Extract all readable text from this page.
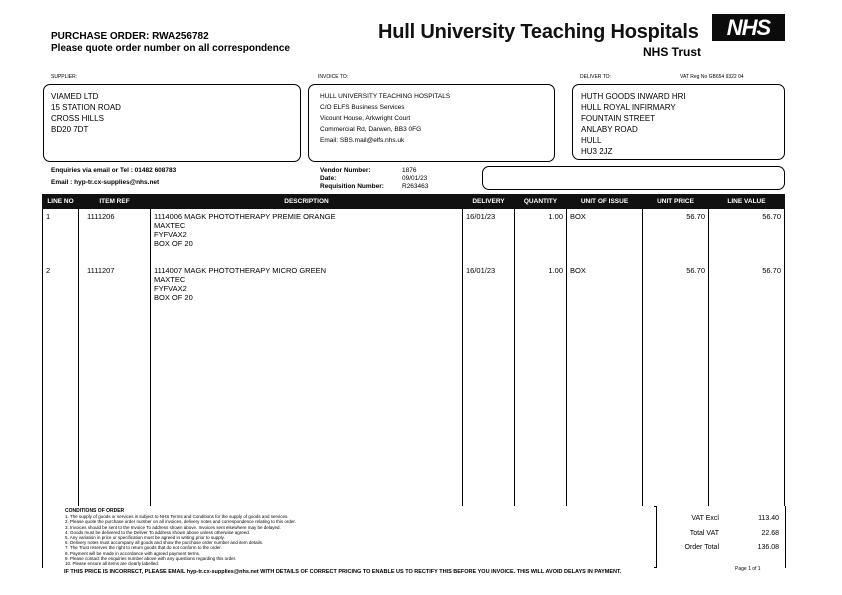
PURCHASE ORDER: RWA256782
Please quote order number on all correspondence
Hull University Teaching Hospitals
NHS Trust
NHS
SUPPLIER:	INVOICE TO:	DELIVER TO:	VAT Reg No GB654 9322 04
VIAMED LTD
15 STATION ROAD
CROSS HILLS
BD20 7DT
HULL UNIVERSITY TEACHING HOSPITALS
C/O ELFS Business Services
Vicount House, Arkwright Court
Commercial Rd, Darwen, BB3 0FG
Email: SBS.mail@elfs.nhs.uk
HUTH GOODS INWARD HRI
HULL ROYAL INFIRMARY
FOUNTAIN STREET
ANLABY ROAD
HULL
HU3 2JZ
Enquiries via email or Tel : 01482 608783
Email : hyp-tr.cx-supplies@nhs.net
Vendor Number:	1876
Date:	09/01/23
Requisition Number:	R263463
LINE NO	ITEM REF	DESCRIPTION	DELIVERY	QUANTITY	UNIT OF ISSUE	UNIT PRICE	LINE VALUE

1	1111206	1114006 MAGK PHOTOTHERAPY PREMIE ORANGE
MAXTEC
FYFVAX2
BOX OF 20	16/01/23	1.00	BOX	56.70	56.70

2	1111207	1114007 MAGK PHOTOTHERAPY MICRO GREEN
MAXTEC
FYFVAX2
BOX OF 20	16/01/23	1.00	BOX	56.70	56.70

CONDITIONS OF ORDER
1. The supply of goods or services is subject to NHS Terms and Conditions for the supply of goods and services.
2. Please quote the purchase order number on all invoices, delivery notes and correspondence relating to this order.
3. Invoices should be sent to the Invoice To address shown above. Invoices sent elsewhere may be delayed.
4. Goods must be delivered to the Deliver To address shown above unless otherwise agreed.
5. Any variation in price or specification must be agreed in writing prior to supply.
6. Delivery notes must accompany all goods and show the purchase order number and item details.
7. The Trust reserves the right to return goods that do not conform to the order.
8. Payment will be made in accordance with agreed payment terms.
9. Please contact the enquiries number above with any questions regarding this order.
10. Please ensure all items are clearly labelled.
VAT Excl	113.40
Total VAT	22.68
Order Total	136.08
IF THIS PRICE IS INCORRECT, PLEASE EMAIL hyp-tr.cx-supplies@nhs.net WITH DETAILS OF CORRECT PRICING TO ENABLE US TO RECTIFY THIS BEFORE YOU INVOICE. THIS WILL AVOID DELAYS IN PAYMENT.	Page 1 of 1
